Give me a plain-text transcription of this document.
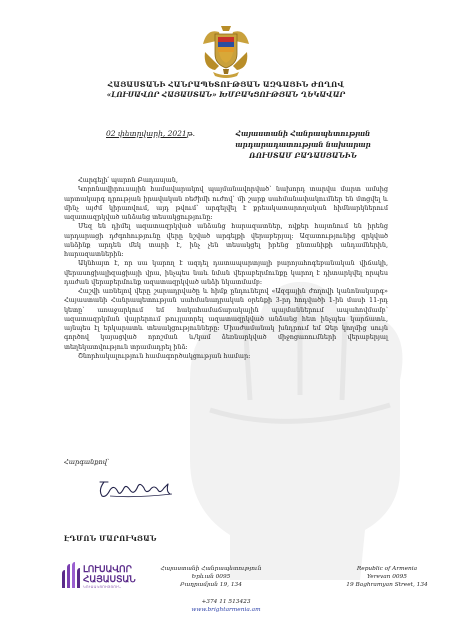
ՀԱՅԱՍՏԱՆԻ ՀԱՆՐԱՊԵՏՈՒԹՅԱՆ ԱԶԳԱՅԻՆ ԺՈՂՈՎ
«ԼՈՒՍԱՎՈՐ ՀԱՅԱՍՏԱՆ» ԽՄԲԱԿՑՈՒԹՅԱՆ ՂԵԿԱՎԱՐ
02 փետրվարի, 2021թ.	Հայաստանի Հանրապետության
արդարադատության նախարար
ՌՈՒՍՏԱՄ ԲԱԴԱՍՅԱՆԻՆ

Հարգելի՛ պարոն Բադասյան,

Կորոնավիրուսային համավարակով պայմանավորված՝ նախորդ տարվա մարտ ամսից արտակարգ դրության իրավական ռեժիմի ուժով՝ մի շարք սահմանափակումներ են մտցվել և մինչ այժմ կիրառվում, այդ թվում՝ արգելվել է քրեակատարողական հիմնարկներում ազատազրկված անձանց տեսակցությունը:

Մեզ են դիմել ազատազրկված անձանց հարազատներ, ովքեր հայտնում են իրենց արդարացի դժգոհությունը վերը նշված արգելքի վերաբերյալ: Ազատությունից զրկված անձինք արդեն մեկ տարի է, ինչ չեն տեսակցել իրենց ընտանիքի անդամներին, հարազատներին:

Ակնհայտ է, որ սա կարող է ազդել դատապարտյալի բարոյահոգեբանական վիճակի, վերասոցիալիզացիայի վրա, ինչպես նաև նման վերաբերմունքը կարող է դիտարկվել որպես դաժան վերաբերմունք ազատազրկված անձի նկատմամբ:

Հաշվի առնելով վերը շարադրվածը և հիմք ընդունելով «Ազգային ժողովի կանոնակարգ» Հայաստանի Հանրապետության սահմանադրական օրենքի 3-րդ հոդվածի 1-ին մասի 11-րդ կետը՝ առաջարկում եմ հակահամաճարակային պայմաններում ապահովմամբ՝ ազատազրկման վայրերում թույլատրել ազատազրկված անձանց հետ ինչպես կարճատև, այնպես էլ երկարատև տեսակցությունները: Միաժամանակ խնդրում եմ Ձեր կողմից սույն գործով կայացված որոշման և/կամ ձեռնարկված միջոցառումների վերաբերյալ տեղեկատվություն տրամադրել ինձ:

Շնորհակալություն համագործակցության համար:

Հարգանքով՝
ԷԴՄՈՆ ՄԱՐՈՒԿՅԱՆ
ԼՈՒՍԱՎՈՐ
ՀԱՅԱՍՏԱՆ
ԿՈՒՍԱԿՑՈՒԹՅՈՒՆ
Հայաստանի Հանրապետություն
Երևան 0095
Բաղրամյան 19, 134
Republic of Armenia
Yerevan 0095
19 Baghramyan Street, 134
+374 11 513423
www.brightarmenia.am
